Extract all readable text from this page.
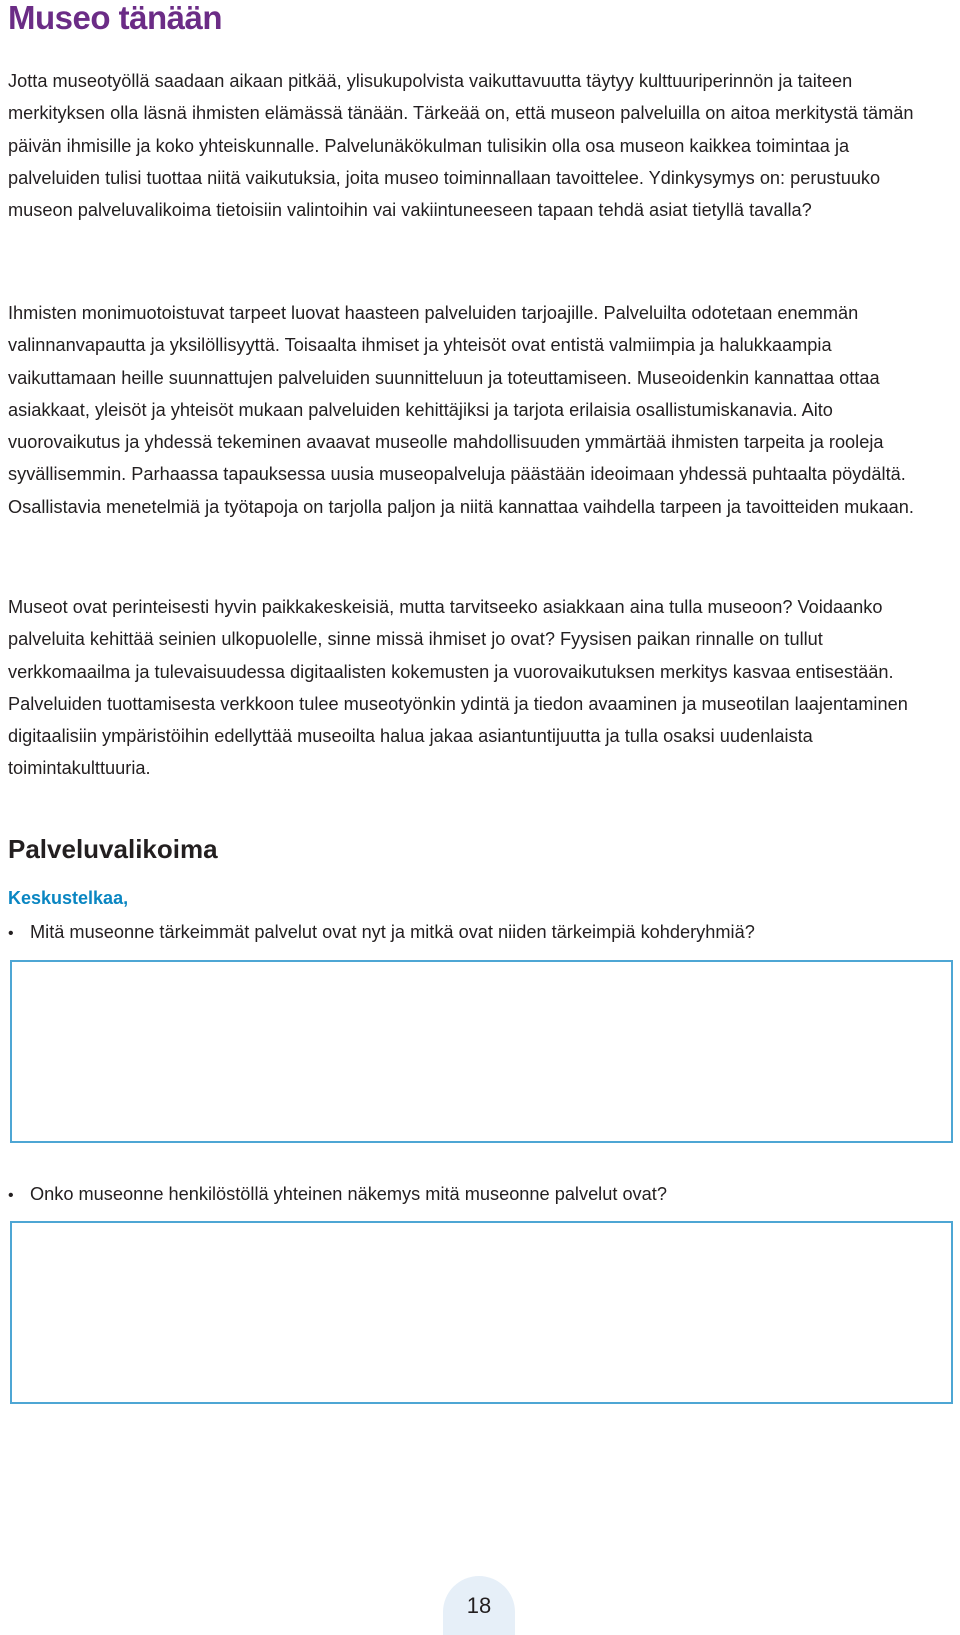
Museo tänään

Jotta museotyöllä saadaan aikaan pitkää, ylisukupolvista vaikuttavuutta täytyy kulttuuriperinnön ja taiteen merkityksen olla läsnä ihmisten elämässä tänään. Tärkeää on, että museon palveluilla on aitoa merkitystä tämän päivän ihmisille ja koko yhteiskunnalle. Palvelunäkökulman tulisikin olla osa museon kaikkea toimintaa ja palveluiden tulisi tuottaa niitä vaikutuksia, joita museo toiminnallaan tavoittelee. Ydinkysymys on: perustuuko museon palveluvalikoima tietoisiin valintoihin vai vakiintuneeseen tapaan tehdä asiat tietyllä tavalla?

Ihmisten monimuotoistuvat tarpeet luovat haasteen palveluiden tarjoajille. Palveluilta odotetaan enemmän valinnanvapautta ja yksilöllisyyttä. Toisaalta ihmiset ja yhteisöt ovat entistä valmiimpia ja halukkaampia vaikuttamaan heille suunnattujen palveluiden suunnitteluun ja toteuttamiseen. Museoidenkin kannattaa ottaa asiakkaat, yleisöt ja yhteisöt mukaan palveluiden kehittäjiksi ja tarjota erilaisia osallistumiskanavia. Aito vuorovaikutus ja yhdessä tekeminen avaavat museolle mahdollisuuden ymmärtää ihmisten tarpeita ja rooleja syvällisemmin. Parhaassa tapauksessa uusia museopalveluja päästään ideoimaan yhdessä puhtaalta pöydältä. Osallistavia menetelmiä ja työtapoja on tarjolla paljon ja niitä kannattaa vaihdella tarpeen ja tavoitteiden mukaan.

Museot ovat perinteisesti hyvin paikkakeskeisiä, mutta tarvitseeko asiakkaan aina tulla museoon? Voidaanko palveluita kehittää seinien ulkopuolelle, sinne missä ihmiset jo ovat? Fyysisen paikan rinnalle on tullut verkkomaailma ja tulevaisuudessa digitaalisten kokemusten ja vuorovaikutuksen merkitys kasvaa entisestään. Palveluiden tuottamisesta verkkoon tulee museotyönkin ydintä ja tiedon avaaminen ja museotilan laajentaminen digitaalisiin ympäristöihin edellyttää museoilta halua jakaa asiantuntijuutta ja tulla osaksi uudenlaista toimintakulttuuria.

Palveluvalikoima
Keskustelkaa,
• Mitä museonne tärkeimmät palvelut ovat nyt ja mitkä ovat niiden tärkeimpiä kohderyhmiä?
• Onko museonne henkilöstöllä yhteinen näkemys mitä museonne palvelut ovat?
18
